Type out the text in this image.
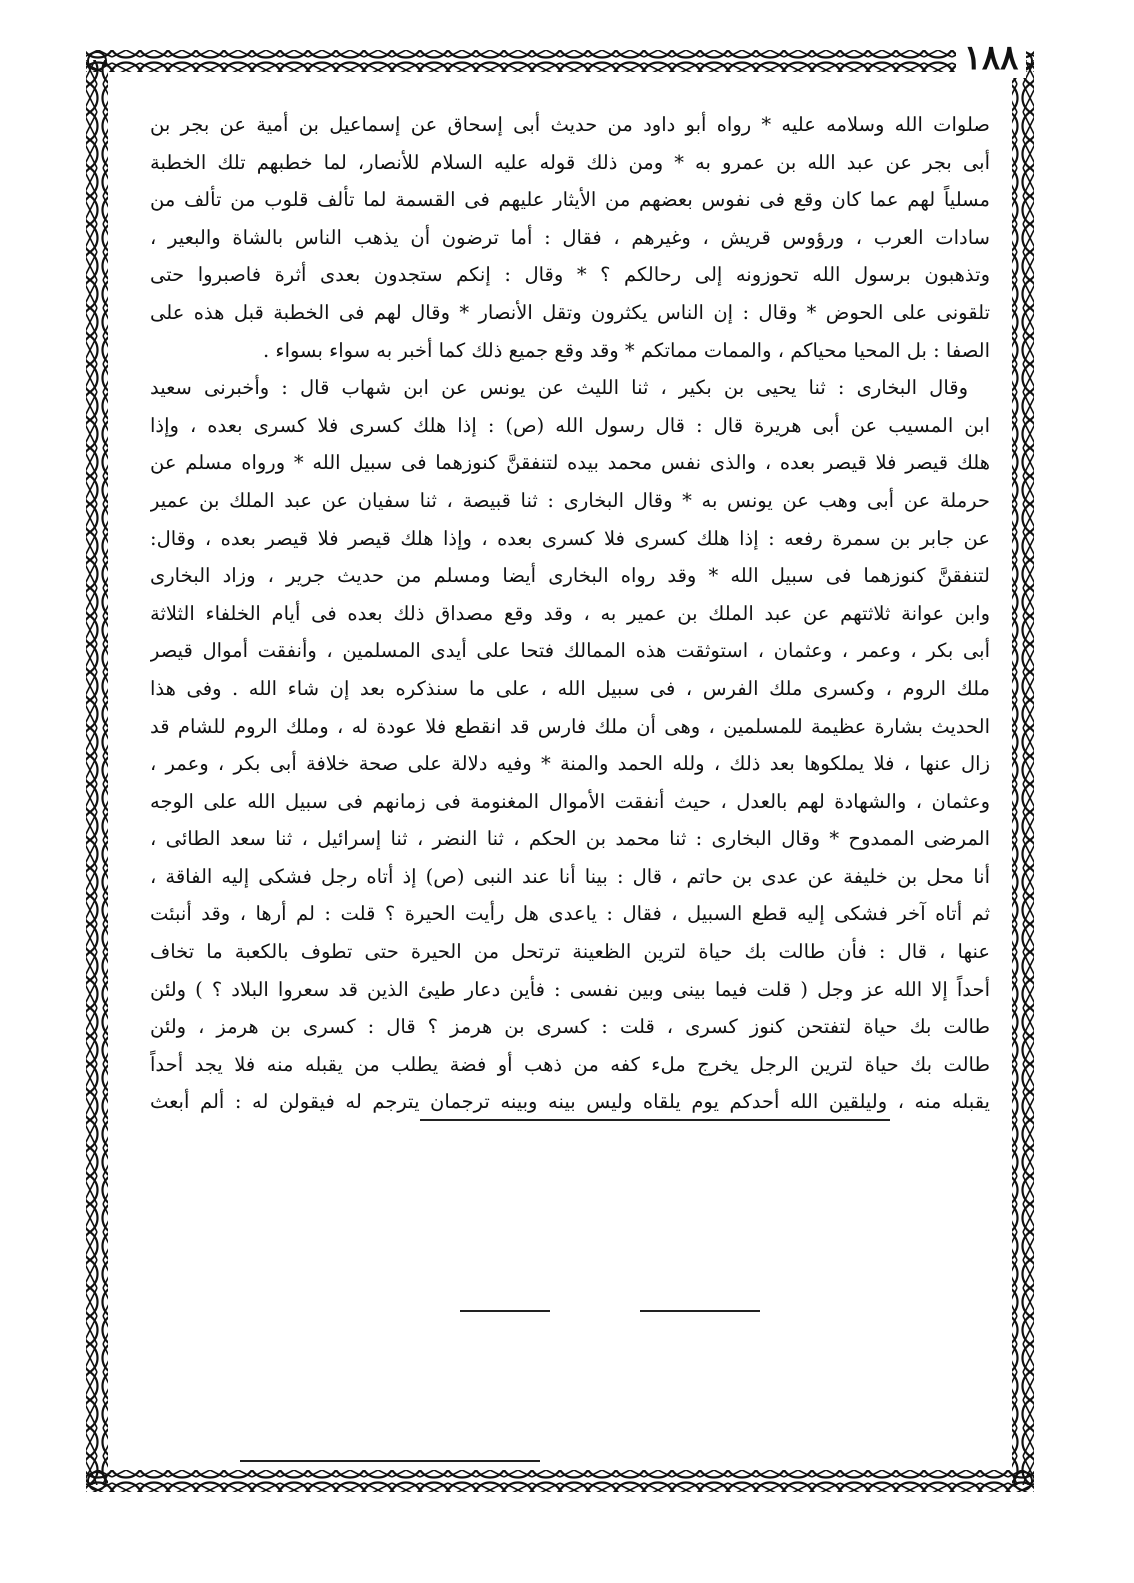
١٨٨
صلوات الله وسلامه عليه * رواه أبو داود من حديث أبى إسحاق عن إسماعيل بن أمية عن بجر بن
أبى بجر عن عبد الله بن عمرو به * ومن ذلك قوله عليه السلام للأنصار، لما خطبهم تلك الخطبة
مسلياً لهم عما كان وقع فى نفوس بعضهم من الأيثار عليهم فى القسمة لما تألف قلوب من تألف من
سادات العرب ، ورؤوس قريش ، وغيرهم ، فقال : أما ترضون أن يذهب الناس بالشاة والبعير ،
وتذهبون برسول الله تحوزونه إلى رحالكم ؟ * وقال : إنكم ستجدون بعدى أثرة فاصبروا حتى
تلقونى على الحوض * وقال : إن الناس يكثرون وتقل الأنصار * وقال لهم فى الخطبة قبل هذه على
الصفا : بل المحيا محياكم ، والممات مماتكم * وقد وقع جميع ذلك كما أخبر به سواء بسواء .
وقال البخارى : ثنا يحيى بن بكير ، ثنا الليث عن يونس عن ابن شهاب قال : وأخبرنى سعيد
ابن المسيب عن أبى هريرة قال : قال رسول الله (ص) : إذا هلك كسرى فلا كسرى بعده ، وإذا
هلك قيصر فلا قيصر بعده ، والذى نفس محمد بيده لتنفقنَّ كنوزهما فى سبيل الله * ورواه مسلم عن
حرملة عن أبى وهب عن يونس به * وقال البخارى : ثنا قبيصة ، ثنا سفيان عن عبد الملك بن عمير
عن جابر بن سمرة رفعه : إذا هلك كسرى فلا كسرى بعده ، وإذا هلك قيصر فلا قيصر بعده ، وقال:
لتنفقنَّ كنوزهما فى سبيل الله * وقد رواه البخارى أيضا ومسلم من حديث جرير ، وزاد البخارى
وابن عوانة ثلاثتهم عن عبد الملك بن عمير به ، وقد وقع مصداق ذلك بعده فى أيام الخلفاء الثلاثة
أبى بكر ، وعمر ، وعثمان ، استوثقت هذه الممالك فتحا على أيدى المسلمين ، وأنفقت أموال قيصر
ملك الروم ، وكسرى ملك الفرس ، فى سبيل الله ، على ما سنذكره بعد إن شاء الله . وفى هذا
الحديث بشارة عظيمة للمسلمين ، وهى أن ملك فارس قد انقطع فلا عودة له ، وملك الروم للشام قد
زال عنها ، فلا يملكوها بعد ذلك ، ولله الحمد والمنة * وفيه دلالة على صحة خلافة أبى بكر ، وعمر ،
وعثمان ، والشهادة لهم بالعدل ، حيث أنفقت الأموال المغنومة فى زمانهم فى سبيل الله على الوجه
المرضى الممدوح * وقال البخارى : ثنا محمد بن الحكم ، ثنا النضر ، ثنا إسرائيل ، ثنا سعد الطائى ،
أنا محل بن خليفة عن عدى بن حاتم ، قال : بينا أنا عند النبى (ص) إذ أتاه رجل فشكى إليه الفاقة ،
ثم أتاه آخر فشكى إليه قطع السبيل ، فقال : ياعدى هل رأيت الحيرة ؟ قلت : لم أرها ، وقد أنبئت
عنها ، قال : فأن طالت بك حياة لترين الظعينة ترتحل من الحيرة حتى تطوف بالكعبة ما تخاف
أحداً إلا الله عز وجل ( قلت فيما بينى وبين نفسى : فأين دعار طيئ الذين قد سعروا البلاد ؟ ) ولئن
طالت بك حياة لتفتحن كنوز كسرى ، قلت : كسرى بن هرمز ؟ قال : كسرى بن هرمز ، ولئن
طالت بك حياة لترين الرجل يخرج ملء كفه من ذهب أو فضة يطلب من يقبله منه فلا يجد أحداً
يقبله منه ، وليلقين الله أحدكم يوم يلقاه وليس بينه وبينه ترجمان يترجم له فيقولن له : ألم أبعث
